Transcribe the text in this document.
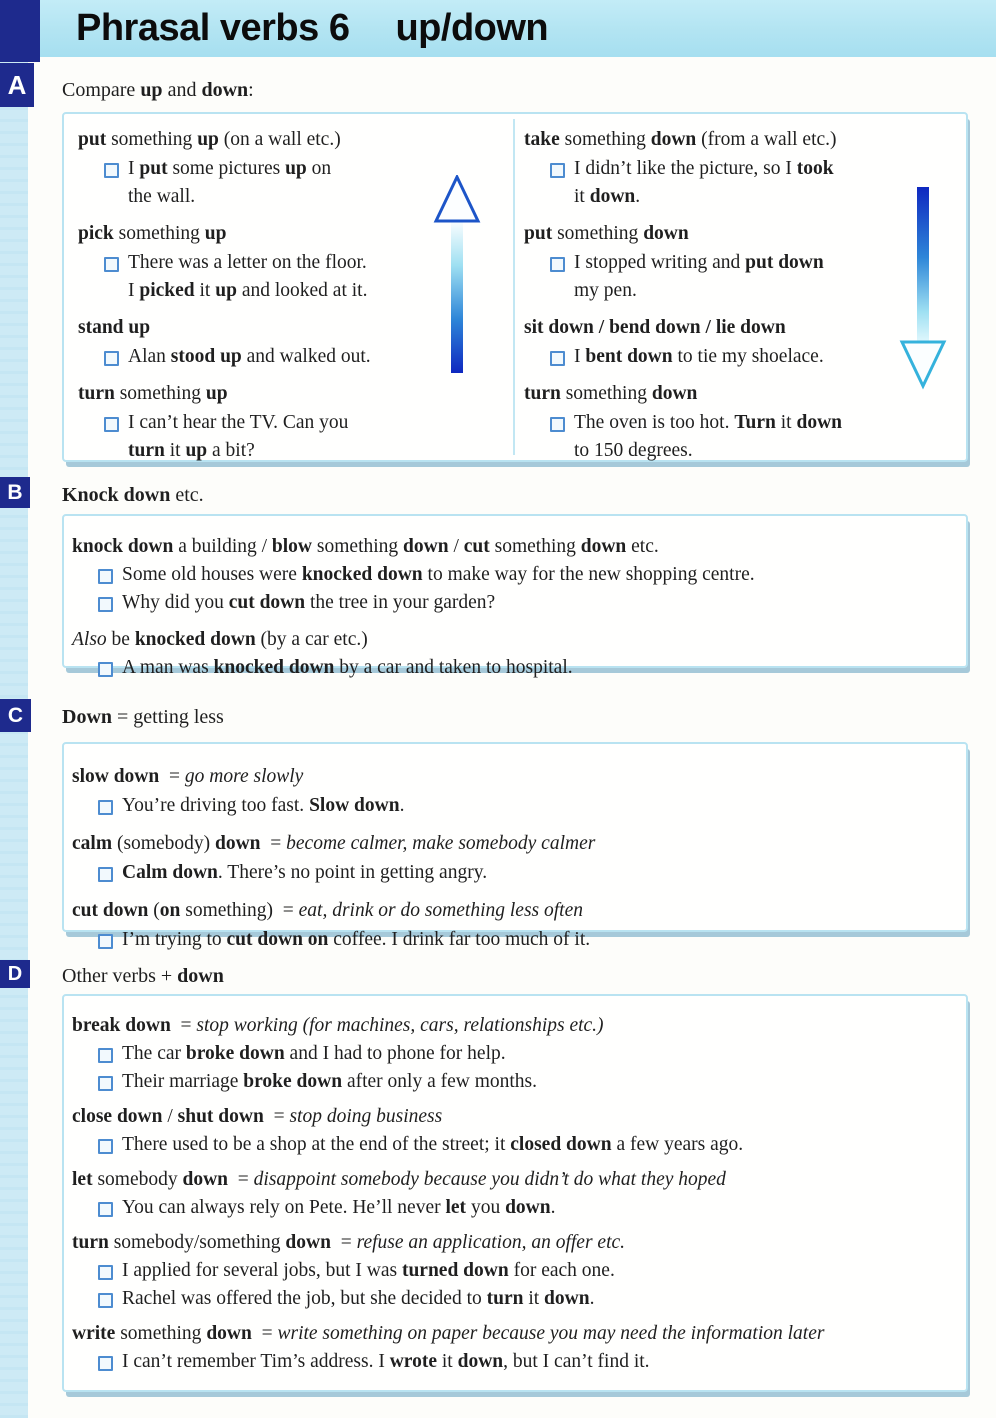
Phrasal verbs 6 up/down
A
B
C
D
Compare up and down:
put something up (on a wall etc.)
I put some pictures up on
the wall.
pick something up
There was a letter on the floor.
I picked it up and looked at it.
stand up
Alan stood up and walked out.
turn something up
I can’t hear the TV. Can you
turn it up a bit?
take something down (from a wall etc.)
I didn’t like the picture, so I took
it down.
put something down
I stopped writing and put down
my pen.
sit down / bend down / lie down
I bent down to tie my shoelace.
turn something down
The oven is too hot. Turn it down
to 150 degrees.
Knock down etc.
knock down a building / blow something down / cut something down etc.
Some old houses were knocked down to make way for the new shopping centre.
Why did you cut down the tree in your garden?
Also be knocked down (by a car etc.)
A man was knocked down by a car and taken to hospital.
Down = getting less
slow down  = go more slowly
You’re driving too fast. Slow down.
calm (somebody) down  = become calmer, make somebody calmer
Calm down. There’s no point in getting angry.
cut down (on something)  = eat, drink or do something less often
I’m trying to cut down on coffee. I drink far too much of it.
Other verbs + down
break down  = stop working (for machines, cars, relationships etc.)
The car broke down and I had to phone for help.
Their marriage broke down after only a few months.
close down / shut down  = stop doing business
There used to be a shop at the end of the street; it closed down a few years ago.
let somebody down  = disappoint somebody because you didn’t do what they hoped
You can always rely on Pete. He’ll never let you down.
turn somebody/something down  = refuse an application, an offer etc.
I applied for several jobs, but I was turned down for each one.
Rachel was offered the job, but she decided to turn it down.
write something down  = write something on paper because you may need the information later
I can’t remember Tim’s address. I wrote it down, but I can’t find it.
